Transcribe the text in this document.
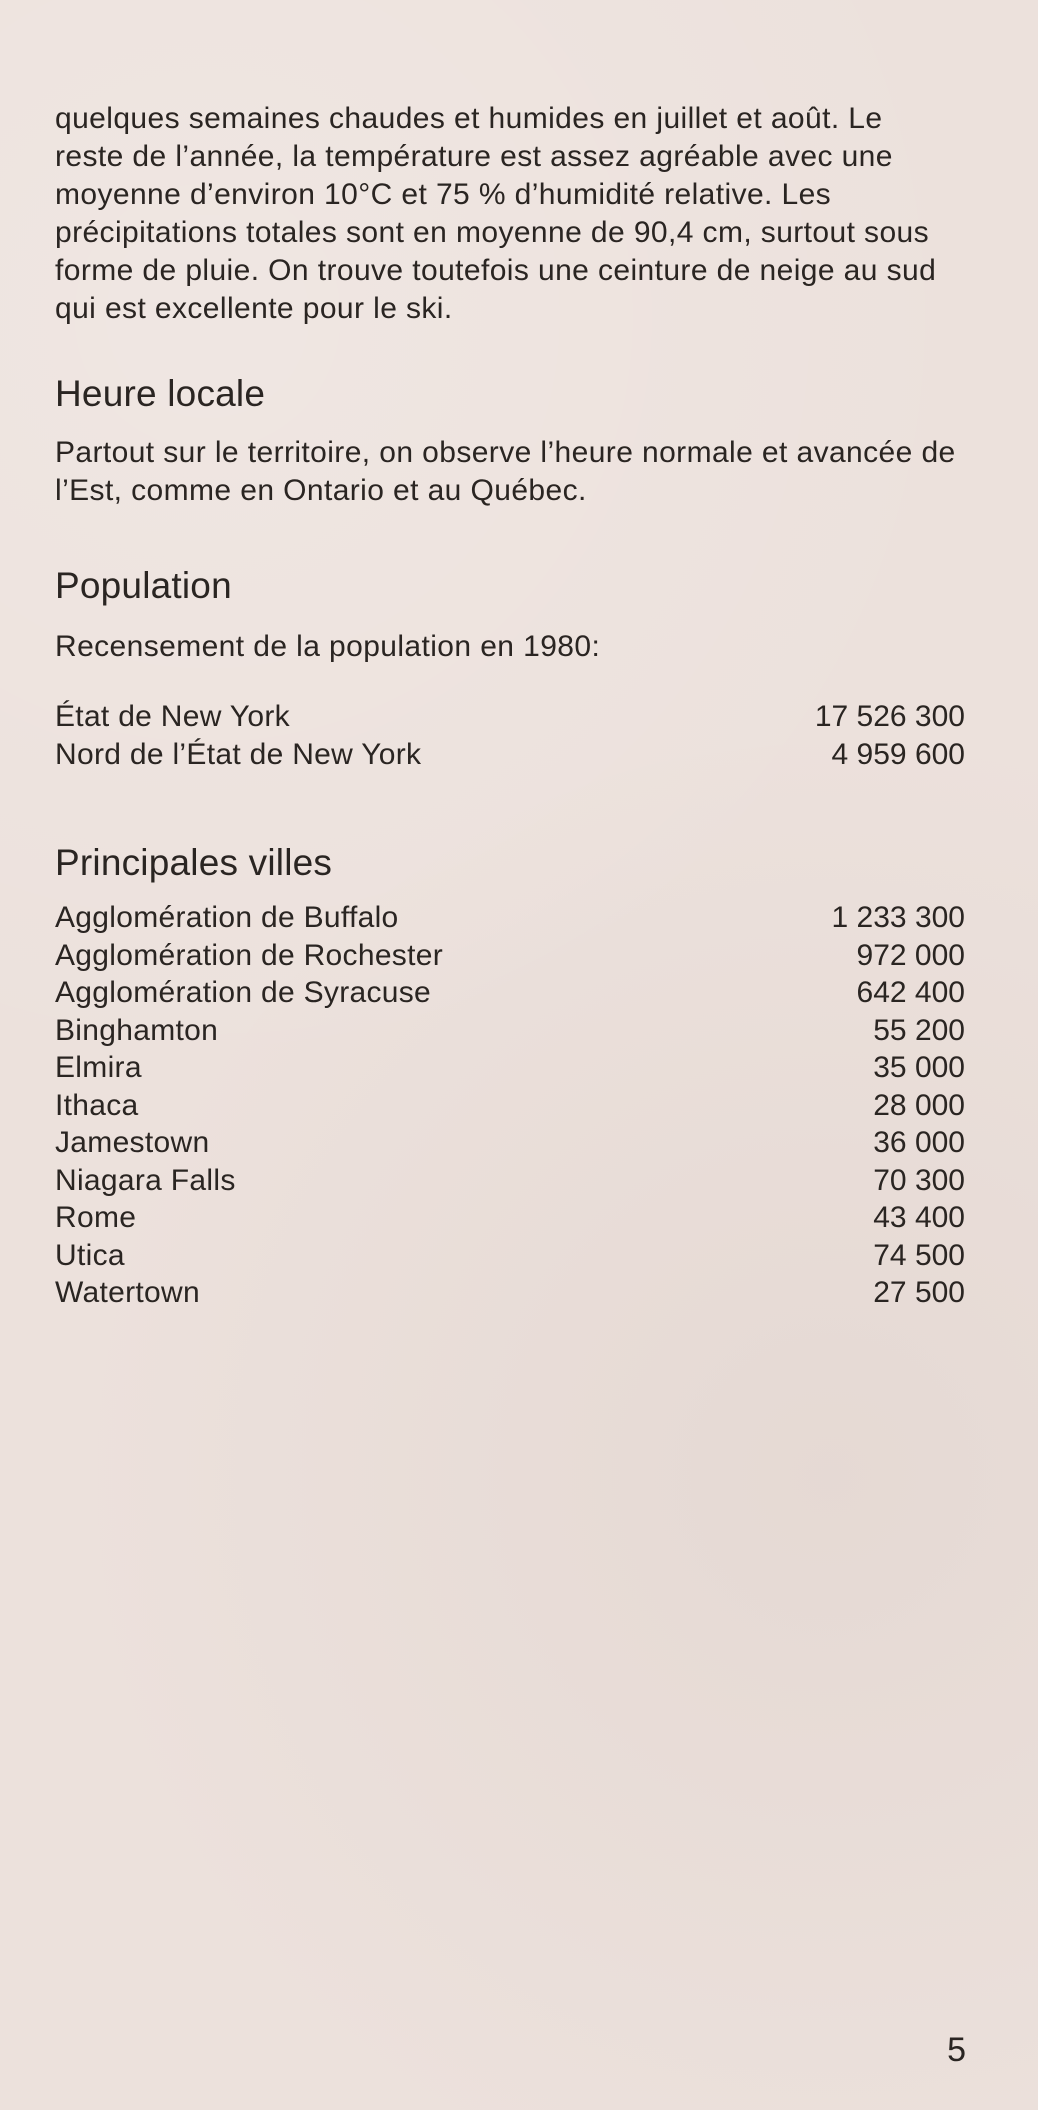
quelques semaines chaudes et humides en juillet et août. Le reste de l’année, la température est assez agréable avec une moyenne d’environ 10°C et 75 % d’humidité relative. Les précipitations totales sont en moyenne de 90,4 cm, surtout sous forme de pluie. On trouve toutefois une ceinture de neige au sud qui est excellente pour le ski.

Heure locale

Partout sur le territoire, on observe l’heure normale et avancée de l’Est, comme en Ontario et au Québec.

Population

Recensement de la population en 1980:

État de New York	17 526 300
Nord de l’État de New York	4 959 600
Principales villes
Agglomération de Buffalo	1 233 300
Agglomération de Rochester	972 000
Agglomération de Syracuse	642 400
Binghamton	55 200
Elmira	35 000
Ithaca	28 000
Jamestown	36 000
Niagara Falls	70 300
Rome	43 400
Utica	74 500
Watertown	27 500
5
